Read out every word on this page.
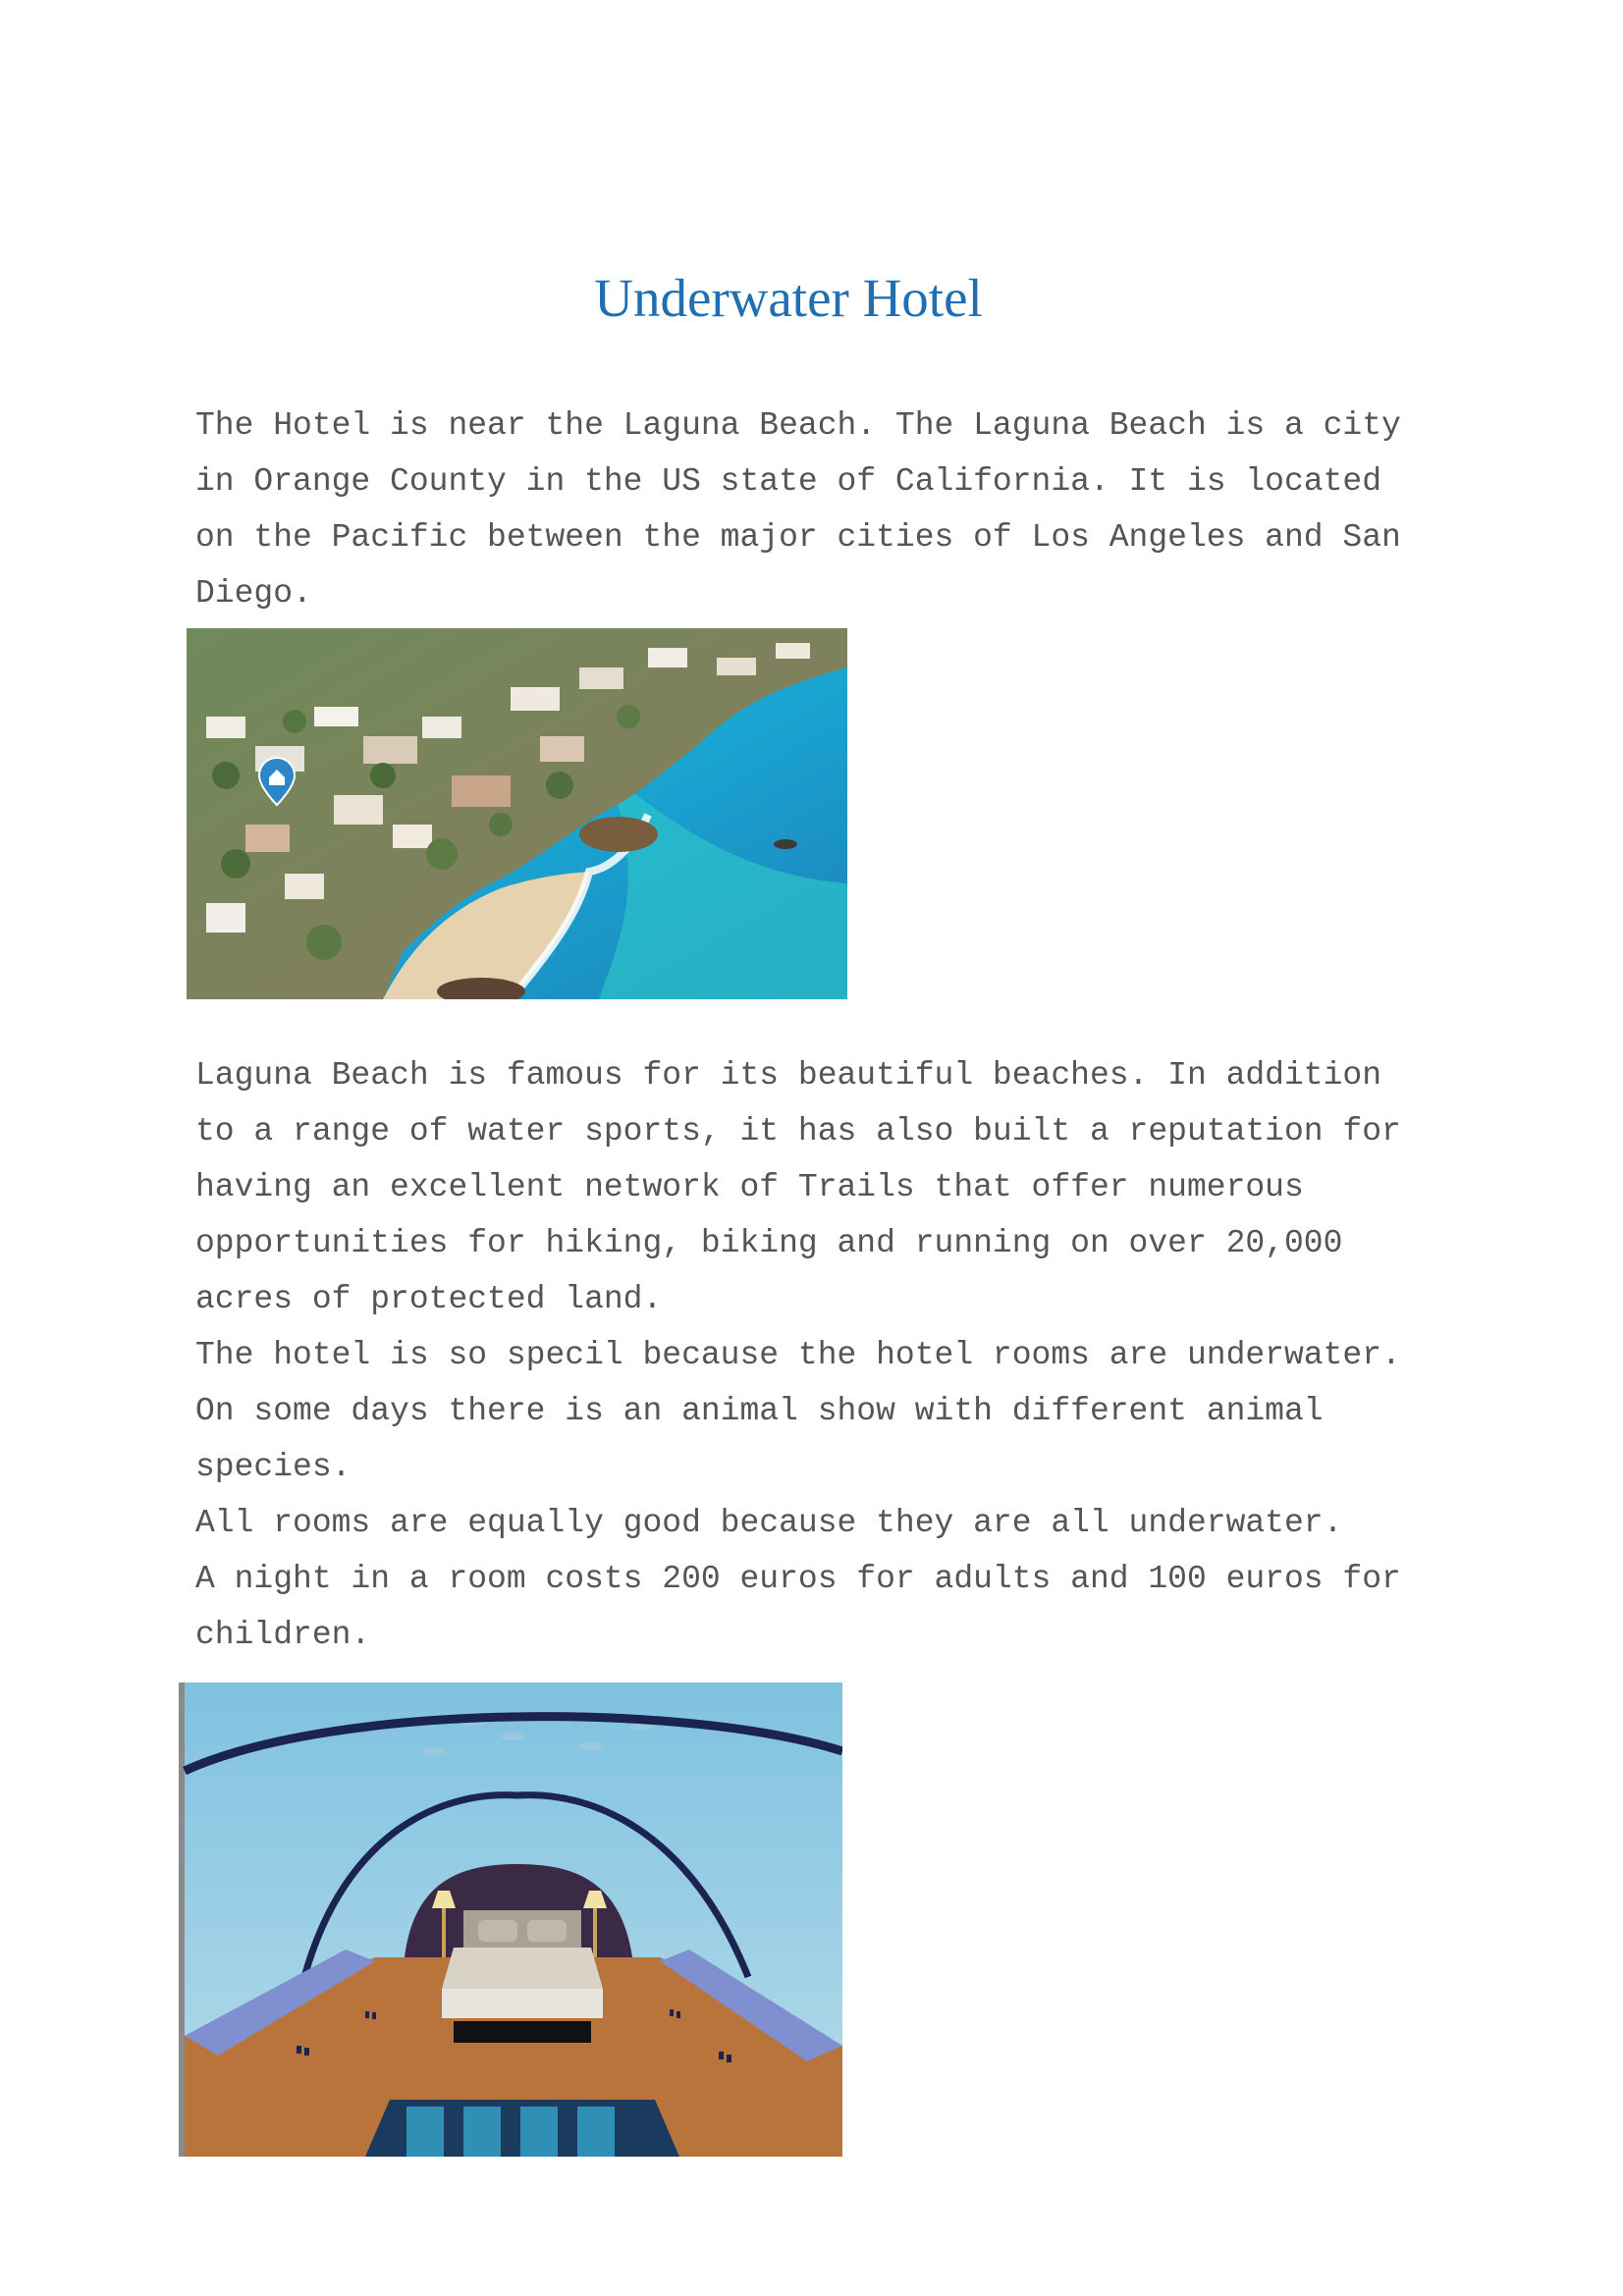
Underwater Hotel
The Hotel is near the Laguna Beach. The Laguna Beach is a city
in Orange County in the US state of California. It is located
on the Pacific between the major cities of Los Angeles and San
Diego.
Laguna Beach is famous for its beautiful beaches. In addition
to a range of water sports, it has also built a reputation for
having an excellent network of Trails that offer numerous
opportunities for hiking, biking and running on over 20,000
acres of protected land.
The hotel is so specil because the hotel rooms are underwater.
On some days there is an animal show with different animal
species.
All rooms are equally good because they are all underwater.
A night in a room costs 200 euros for adults and 100 euros for
children.
